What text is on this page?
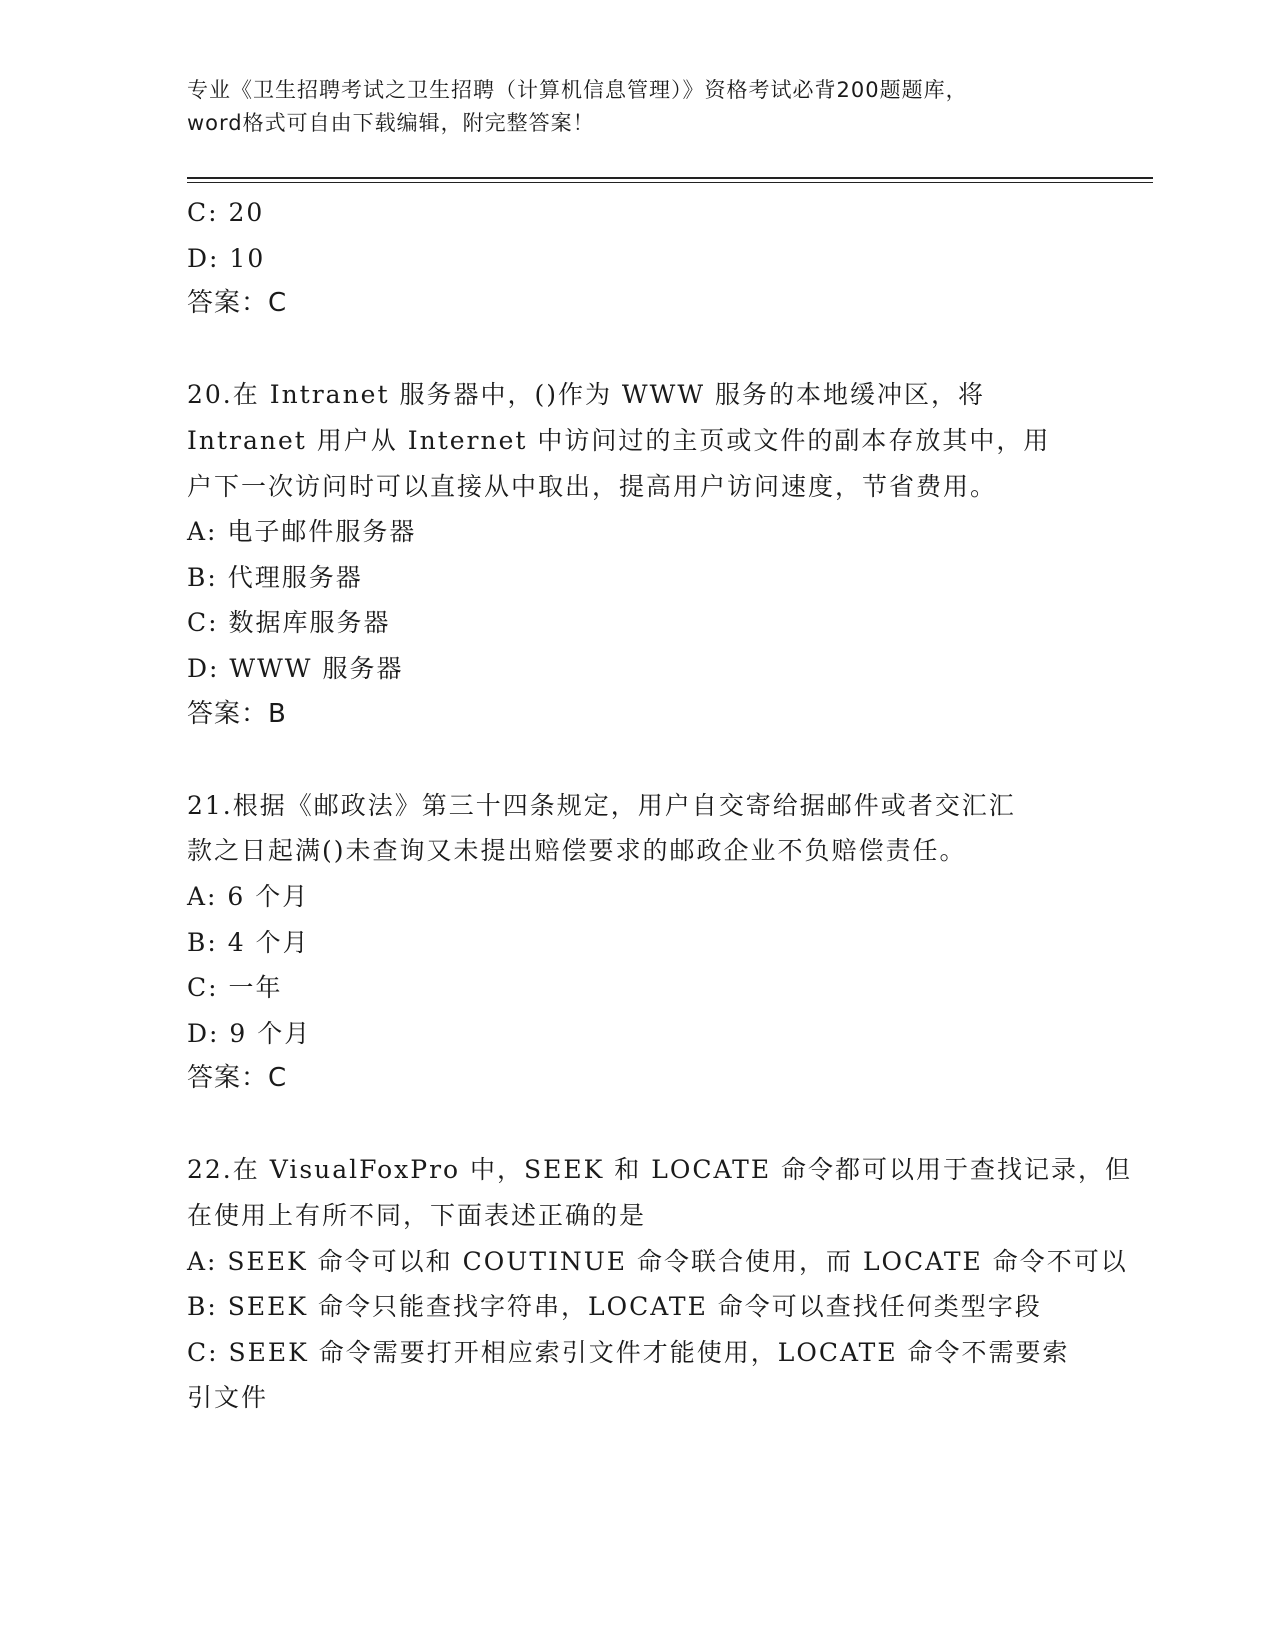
专业《卫生招聘考试之卫生招聘（计算机信息管理）》资格考试必背200题题库，
word格式可自由下载编辑，附完整答案！
C: 20
D: 10
答案：C
20.在 Intranet 服务器中，()作为 WWW 服务的本地缓冲区，将
Intranet 用户从 Internet 中访问过的主页或文件的副本存放其中，用
户下一次访问时可以直接从中取出，提高用户访问速度，节省费用。
A: 电子邮件服务器
B: 代理服务器
C: 数据库服务器
D: WWW 服务器
答案：B
21.根据《邮政法》第三十四条规定，用户自交寄给据邮件或者交汇汇
款之日起满()未查询又未提出赔偿要求的邮政企业不负赔偿责任。
A: 6 个月
B: 4 个月
C: 一年
D: 9 个月
答案：C
22.在 VisualFoxPro 中，SEEK 和 LOCATE 命令都可以用于查找记录，但
在使用上有所不同，下面表述正确的是
A: SEEK 命令可以和 COUTINUE 命令联合使用，而 LOCATE 命令不可以
B: SEEK 命令只能查找字符串，LOCATE 命令可以查找任何类型字段
C: SEEK 命令需要打开相应索引文件才能使用，LOCATE 命令不需要索
引文件
